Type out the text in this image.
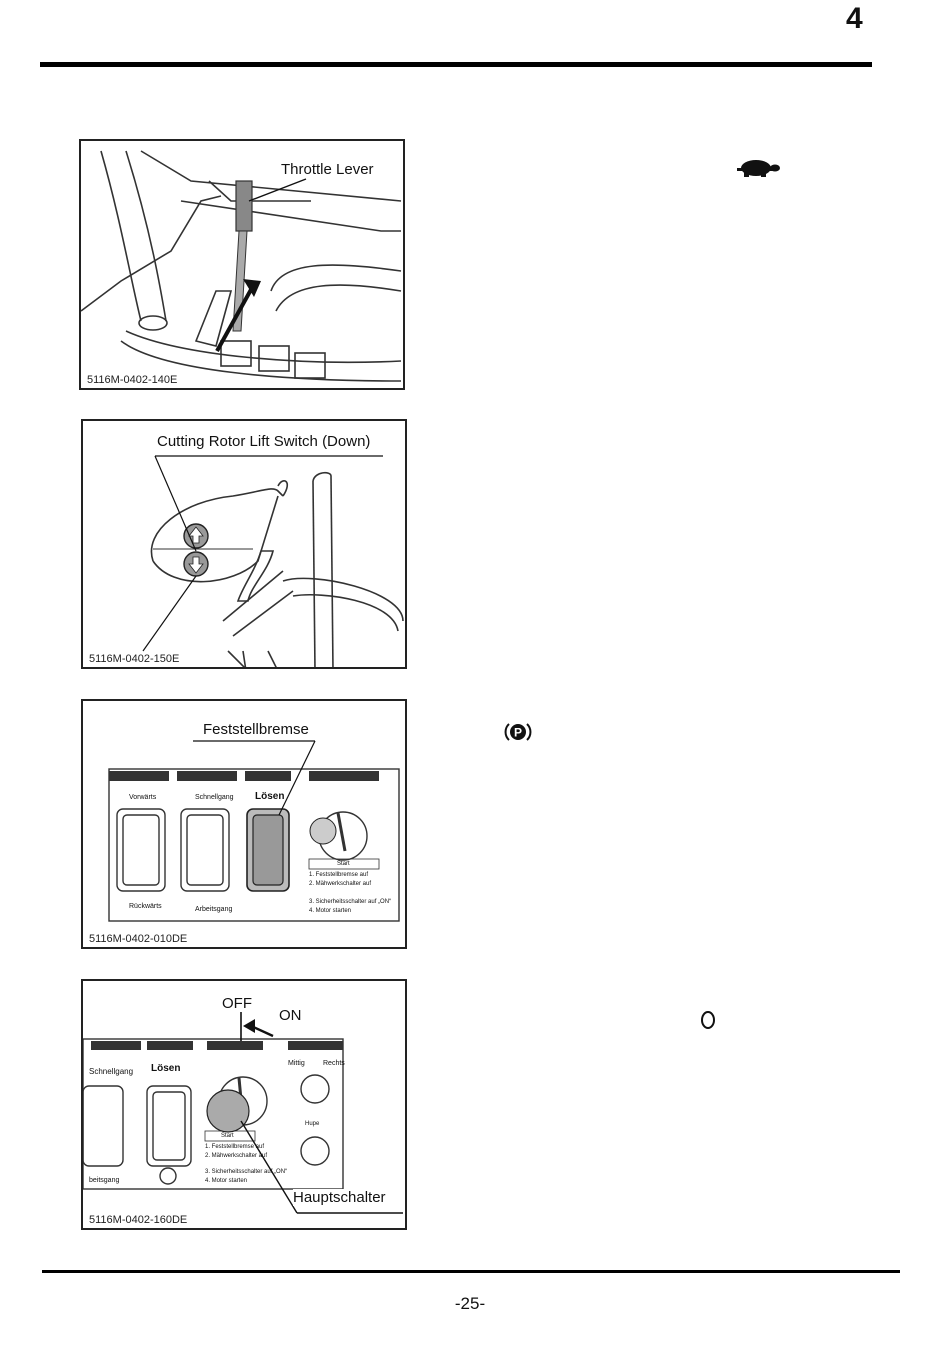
4
Throttle Lever
5116M-0402-140E
Cutting Rotor Lift Switch (Down)
5116M-0402-150E
Feststellbremse
Lösen
Schnellgang
Vorwärts
Rückwärts	Arbeitsgang
Start
1. Feststellbremse auf
2. Mähwerkschalter auf
3. Sicherheitsschalter auf „ON“
4. Motor starten
5116M-0402-010DE
OFF
ON
Hauptschalter
Schnellgang Lösen	Mittig	Rechts
Hupe
beitsgang
Start
1. Feststellbremse auf
2. Mähwerkschalter auf
3. Sicherheitsschalter auf „ON“
4. Motor starten
5116M-0402-160DE
P
-25-
